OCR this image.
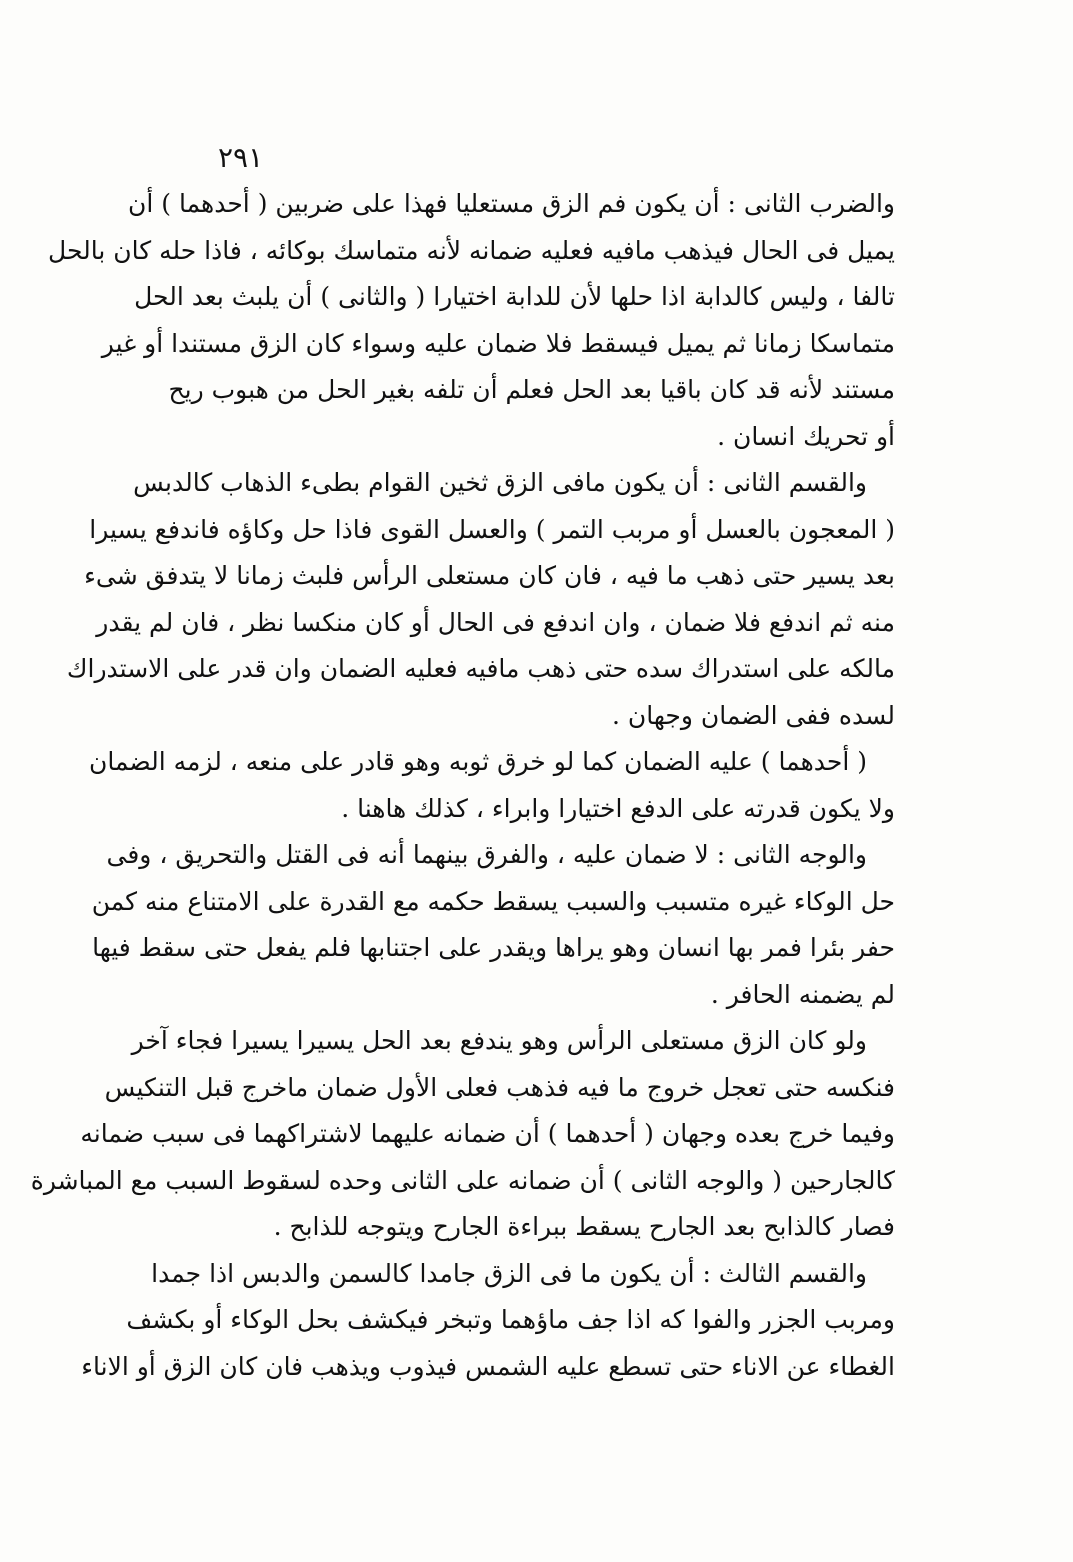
٢٩١
والضرب الثانى : أن يكون فم الزق مستعليا فهذا على ضربين ( أحدهما ) أن
يميل فى الحال فيذهب مافيه فعليه ضمانه لأنه متماسك بوكائه ، فاذا حله كان بالحل
تالفا ، وليس كالدابة اذا حلها لأن للدابة اختيارا ( والثانى ) أن يلبث بعد الحل
متماسكا زمانا ثم يميل فيسقط فلا ضمان عليه وسواء كان الزق مستندا أو غير
مستند لأنه قد كان باقيا بعد الحل فعلم أن تلفه بغير الحل من هبوب ريح
أو تحريك انسان .
والقسم الثانى : أن يكون مافى الزق ثخين القوام بطىء الذهاب كالدبس
( المعجون بالعسل أو مربب التمر ) والعسل القوى فاذا حل وكاؤه فاندفع يسيرا
بعد يسير حتى ذهب ما فيه ، فان كان مستعلى الرأس فلبث زمانا لا يتدفق شىء
منه ثم اندفع فلا ضمان ، وان اندفع فى الحال أو كان منكسا نظر ، فان لم يقدر
مالكه على استدراك سده حتى ذهب مافيه فعليه الضمان وان قدر على الاستدراك
لسده ففى الضمان وجهان .
( أحدهما ) عليه الضمان كما لو خرق ثوبه وهو قادر على منعه ، لزمه الضمان
ولا يكون قدرته على الدفع اختيارا وابراء ، كذلك هاهنا .
والوجه الثانى : لا ضمان عليه ، والفرق بينهما أنه فى القتل والتحريق ، وفى
حل الوكاء غيره متسبب والسبب يسقط حكمه مع القدرة على الامتناع منه كمن
حفر بئرا فمر بها انسان وهو يراها ويقدر على اجتنابها فلم يفعل حتى سقط فيها
لم يضمنه الحافر .
ولو كان الزق مستعلى الرأس وهو يندفع بعد الحل يسيرا يسيرا فجاء آخر
فنكسه حتى تعجل خروج ما فيه فذهب فعلى الأول ضمان ماخرج قبل التنكيس
وفيما خرج بعده وجهان ( أحدهما ) أن ضمانه عليهما لاشتراكهما فى سبب ضمانه
كالجارحين ( والوجه الثانى ) أن ضمانه على الثانى وحده لسقوط السبب مع المباشرة
فصار كالذابح بعد الجارح يسقط ببراءة الجارح ويتوجه للذابح .
والقسم الثالث : أن يكون ما فى الزق جامدا كالسمن والدبس اذا جمدا
ومربب الجزر والفوا كه اذا جف ماؤهما وتبخر فيكشف بحل الوكاء أو بكشف
الغطاء عن الاناء حتى تسطع عليه الشمس فيذوب ويذهب فان كان الزق أو الاناء
